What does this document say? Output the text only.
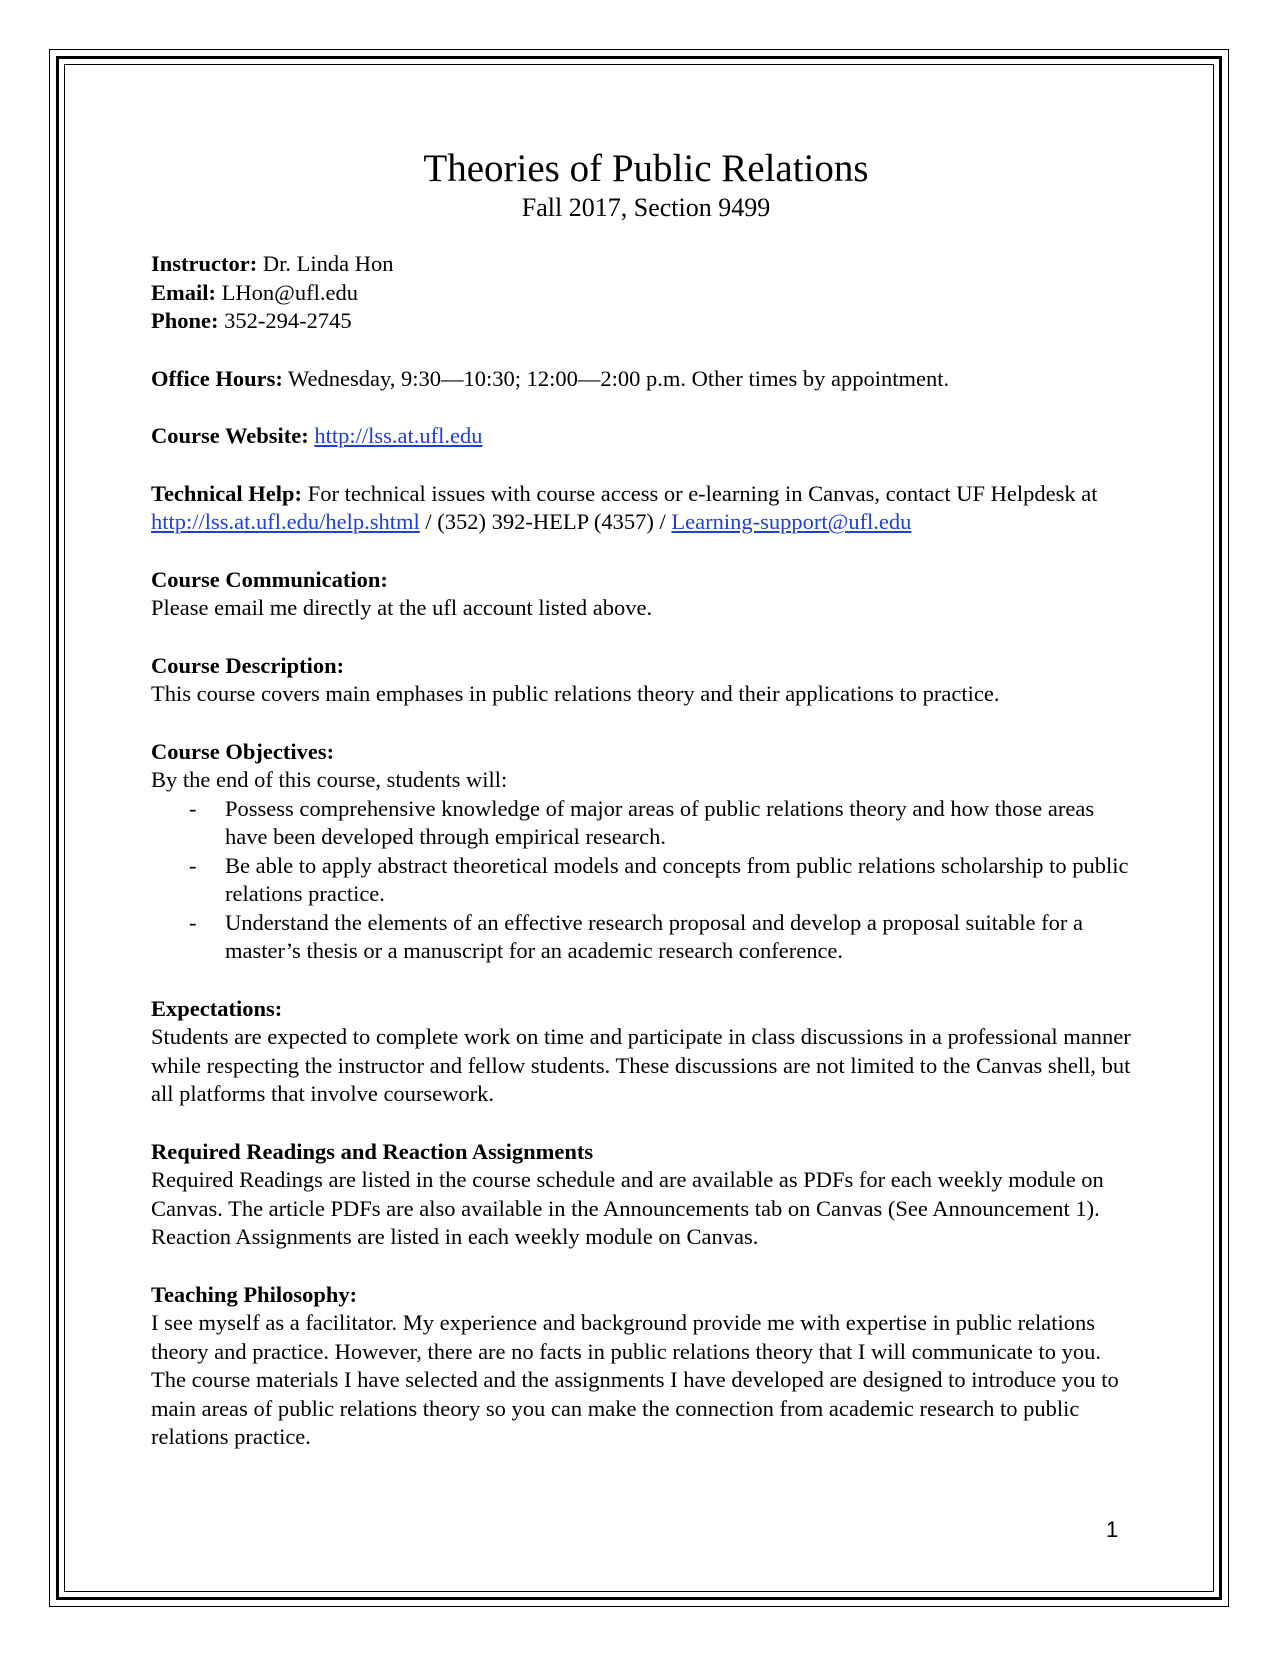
Theories of Public Relations

Fall 2017, Section 9499

Instructor: Dr. Linda Hon

Email: LHon@ufl.edu

Phone: 352-294-2745

Office Hours: Wednesday, 9:30—10:30; 12:00—2:00 p.m. Other times by appointment.

Course Website: http://lss.at.ufl.edu

Technical Help: For technical issues with course access or e-learning in Canvas, contact UF Helpdesk at http://lss.at.ufl.edu/help.shtml / (352) 392-HELP (4357) / Learning-support@ufl.edu

Course Communication:

Please email me directly at the ufl account listed above.

Course Description:

This course covers main emphases in public relations theory and their applications to practice.

Course Objectives:

By the end of this course, students will:

- Possess comprehensive knowledge of major areas of public relations theory and how those areas have been developed through empirical research.
- Be able to apply abstract theoretical models and concepts from public relations scholarship to public relations practice.
- Understand the elements of an effective research proposal and develop a proposal suitable for a master’s thesis or a manuscript for an academic research conference.
Expectations:

Students are expected to complete work on time and participate in class discussions in a professional manner while respecting the instructor and fellow students. These discussions are not limited to the Canvas shell, but all platforms that involve coursework.

Required Readings and Reaction Assignments

Required Readings are listed in the course schedule and are available as PDFs for each weekly module on Canvas. The article PDFs are also available in the Announcements tab on Canvas (See Announcement 1). Reaction Assignments are listed in each weekly module on Canvas.

Teaching Philosophy:

I see myself as a facilitator. My experience and background provide me with expertise in public relations theory and practice. However, there are no facts in public relations theory that I will communicate to you. The course materials I have selected and the assignments I have developed are designed to introduce you to main areas of public relations theory so you can make the connection from academic research to public relations practice.

1
